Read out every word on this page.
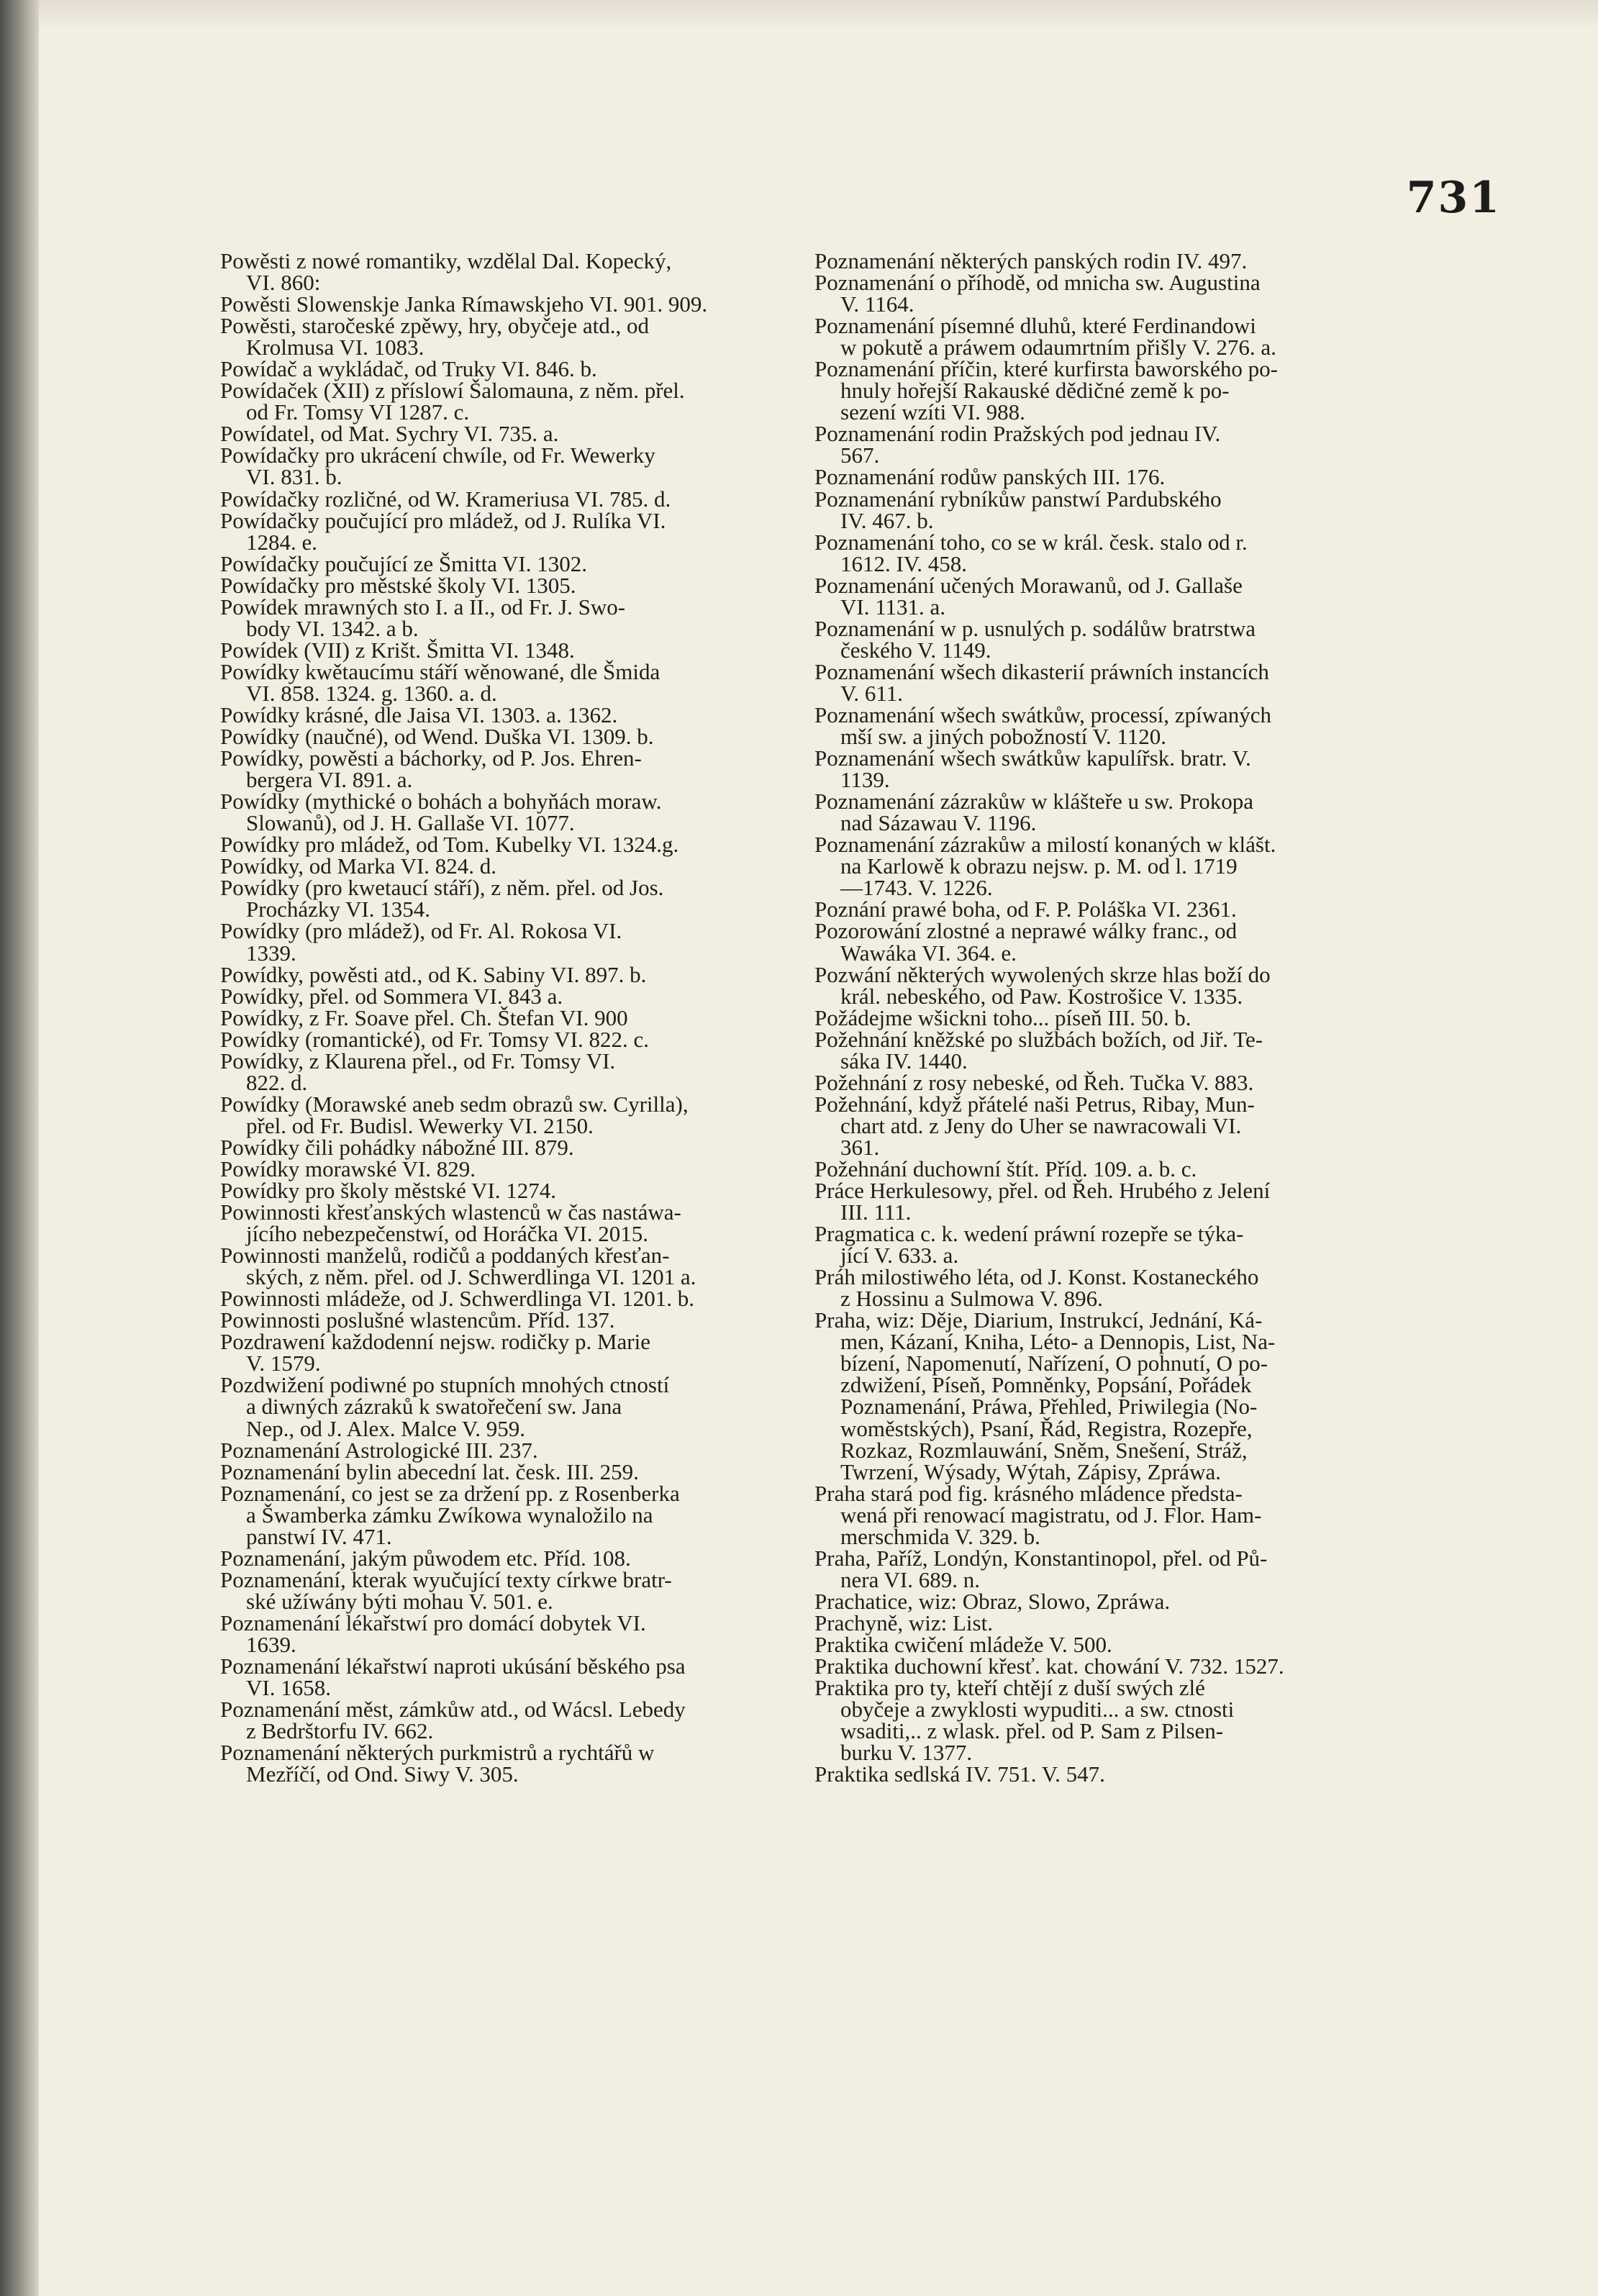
731

Powěsti z nowé romantiky, wzdělal Dal. Kopecký,
VI. 860:

Powěsti Slowenskje Janka Rímawskjeho VI. 901. 909.

Powěsti, staročeské zpěwy, hry, obyčeje atd., od
Krolmusa VI. 1083.

Powídač a wykládač, od Truky VI. 846. b.

Powídaček (XII) z příslowí Šalomauna, z něm. přel.
od Fr. Tomsy VI 1287. c.

Powídatel, od Mat. Sychry VI. 735. a.

Powídačky pro ukrácení chwíle, od Fr. Wewerky
VI. 831. b.

Powídačky rozličné, od W. Krameriusa VI. 785. d.

Powídačky poučující pro mládež, od J. Rulíka VI.
1284. e.

Powídačky poučující ze Šmitta VI. 1302.

Powídačky pro městské školy VI. 1305.

Powídek mrawných sto I. a II., od Fr. J. Swo-
body VI. 1342. a b.

Powídek (VII) z Krišt. Šmitta VI. 1348.

Powídky kwětaucímu stáří wěnowané, dle Šmida
VI. 858. 1324. g. 1360. a. d.

Powídky krásné, dle Jaisa VI. 1303. a. 1362.

Powídky (naučné), od Wend. Duška VI. 1309. b.

Powídky, powěsti a báchorky, od P. Jos. Ehren-
bergera VI. 891. a.

Powídky (mythické o bohách a bohyňách moraw.
Slowanů), od J. H. Gallaše VI. 1077.

Powídky pro mládež, od Tom. Kubelky VI. 1324.g.

Powídky, od Marka VI. 824. d.

Powídky (pro kwetaucí stáří), z něm. přel. od Jos.
Procházky VI. 1354.

Powídky (pro mládež), od Fr. Al. Rokosa VI.
1339.

Powídky, powěsti atd., od K. Sabiny VI. 897. b.

Powídky, přel. od Sommera VI. 843 a.

Powídky, z Fr. Soave přel. Ch. Štefan VI. 900

Powídky (romantické), od Fr. Tomsy VI. 822. c.

Powídky, z Klaurena přel., od Fr. Tomsy VI.
822. d.

Powídky (Morawské aneb sedm obrazů sw. Cyrilla),
přel. od Fr. Budisl. Wewerky VI. 2150.

Powídky čili pohádky nábožné III. 879.

Powídky morawské VI. 829.

Powídky pro školy městské VI. 1274.

Powinnosti křesťanských wlastenců w čas nastáwa-
jícího nebezpečenstwí, od Horáčka VI. 2015.

Powinnosti manželů, rodičů a poddaných křesťan-
ských, z něm. přel. od J. Schwerdlinga VI. 1201 a.

Powinnosti mládeže, od J. Schwerdlinga VI. 1201. b.

Powinnosti poslušné wlastencům. Příd. 137.

Pozdrawení každodenní nejsw. rodičky p. Marie
V. 1579.

Pozdwižení podiwné po stupních mnohých ctností
a diwných zázraků k swatořečení sw. Jana
Nep., od J. Alex. Malce V. 959.

Poznamenání Astrologické III. 237.

Poznamenání bylin abecední lat. česk. III. 259.

Poznamenání, co jest se za držení pp. z Rosenberka
a Šwamberka zámku Zwíkowa wynaložilo na
panstwí IV. 471.

Poznamenání, jakým půwodem etc. Příd. 108.

Poznamenání, kterak wyučující texty církwe bratr-
ské užíwány býti mohau V. 501. e.

Poznamenání lékařstwí pro domácí dobytek VI.
1639.

Poznamenání lékařstwí naproti ukúsání běského psa
VI. 1658.

Poznamenání měst, zámkůw atd., od Wácsl. Lebedy
z Bedrštorfu IV. 662.

Poznamenání některých purkmistrů a rychtářů w
Mezříčí, od Ond. Siwy V. 305.

Poznamenání některých panských rodin IV. 497.

Poznamenání o příhodě, od mnicha sw. Augustina
V. 1164.

Poznamenání písemné dluhů, které Ferdinandowi
w pokutě a práwem odaumrtním přišly V. 276. a.

Poznamenání příčin, které kurfirsta baworského po-
hnuly hořejší Rakauské dědičné země k po-
sezení wzíti VI. 988.

Poznamenání rodin Pražských pod jednau IV.
567.

Poznamenání rodůw panských III. 176.

Poznamenání rybníkůw panstwí Pardubského
IV. 467. b.

Poznamenání toho, co se w král. česk. stalo od r.
1612. IV. 458.

Poznamenání učených Morawanů, od J. Gallaše
VI. 1131. a.

Poznamenání w p. usnulých p. sodálůw bratrstwa
českého V. 1149.

Poznamenání wšech dikasterií práwních instancích
V. 611.

Poznamenání wšech swátkůw, processí, zpíwaných
mší sw. a jiných pobožností V. 1120.

Poznamenání wšech swátkůw kapulířsk. bratr. V.
1139.

Poznamenání zázrakůw w klášteře u sw. Prokopa
nad Sázawau V. 1196.

Poznamenání zázrakůw a milostí konaných w klášt.
na Karlowě k obrazu nejsw. p. M. od l. 1719
—1743. V. 1226.

Poznání prawé boha, od F. P. Poláška VI. 2361.

Pozorowání zlostné a neprawé wálky franc., od
Wawáka VI. 364. e.

Pozwání některých wywolených skrze hlas boží do
král. nebeského, od Paw. Kostrošice V. 1335.

Požádejme wšickni toho... píseň III. 50. b.

Požehnání kněžské po službách božích, od Jiř. Te-
sáka IV. 1440.

Požehnání z rosy nebeské, od Řeh. Tučka V. 883.

Požehnání, když přátelé naši Petrus, Ribay, Mun-
chart atd. z Jeny do Uher se nawracowali VI.
361.

Požehnání duchowní štít. Příd. 109. a. b. c.

Práce Herkulesowy, přel. od Řeh. Hrubého z Jelení
III. 111.

Pragmatica c. k. wedení práwní rozepře se týka-
jící V. 633. a.

Práh milostiwého léta, od J. Konst. Kostaneckého
z Hossinu a Sulmowa V. 896.

Praha, wiz: Děje, Diarium, Instrukcí, Jednání, Ká-
men, Kázaní, Kniha, Léto- a Dennopis, List, Na-
bízení, Napomenutí, Nařízení, O pohnutí, O po-
zdwižení, Píseň, Pomněnky, Popsání, Pořádek
Poznamenání, Práwa, Přehled, Priwilegia (No-
woměstských), Psaní, Řád, Registra, Rozepře,
Rozkaz, Rozmlauwání, Sněm, Snešení, Stráž,
Twrzení, Wýsady, Wýtah, Zápisy, Zpráwa.

Praha stará pod fig. krásného mládence předsta-
wená při renowací magistratu, od J. Flor. Ham-
merschmida V. 329. b.

Praha, Paříž, Londýn, Konstantinopol, přel. od Pů-
nera VI. 689. n.

Prachatice, wiz: Obraz, Slowo, Zpráwa.

Prachyně, wiz: List.

Praktika cwičení mládeže V. 500.

Praktika duchowní křesť. kat. chowání V. 732. 1527.

Praktika pro ty, kteří chtějí z duší swých zlé
obyčeje a zwyklosti wypuditi... a sw. ctnosti
wsaditi,.. z wlask. přel. od P. Sam z Pilsen-
burku V. 1377.

Praktika sedlská IV. 751. V. 547.
